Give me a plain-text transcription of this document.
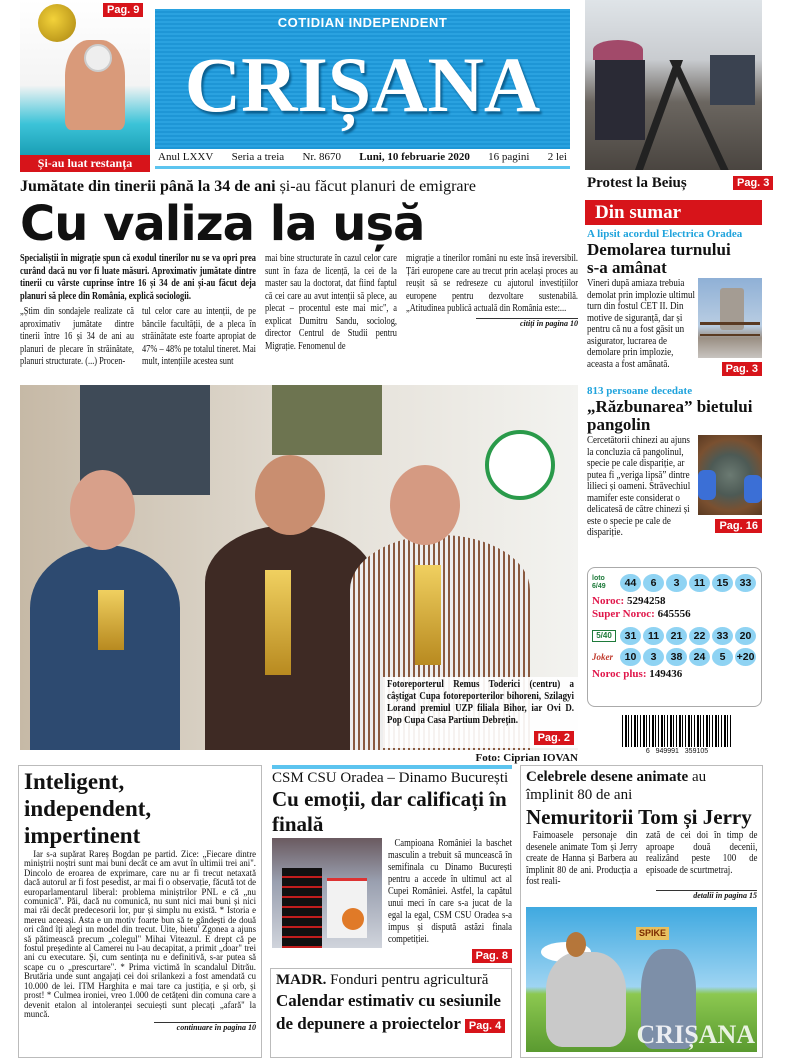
Pag. 9
Și-au luat restanța
COTIDIAN INDEPENDENT
CRIȘANA
Anul LXXV Seria a treia Nr. 8670 Luni, 10 februarie 2020 16 pagini 2 lei
Protest la Beiuș	Pag. 3
Jumătate din tinerii până la 34 de ani și-au făcut planuri de emigrare
Cu valiza la ușă

Specialiștii în migrație spun că exodul tinerilor nu se va opri prea curând dacă nu vor fi luate măsuri. Aproximativ jumătate dintre tinerii cu vârste cuprinse între 16 și 34 de ani și-au făcut deja planuri să plece din România, explică sociologii.

„Știm din sondajele realizate că aproximativ jumătate dintre tinerii între 16 și 34 de ani au planuri de plecare în străinătate, planuri structurate. (...) Procen-

tul celor care au intenții, de pe băncile facultății, de a pleca în străinătate este foarte apropiat de 47% – 48% pe totalul tineret. Mai mult, intențiile acestea sunt

mai bine structurate în cazul celor care sunt în faza de licență, la cei de la master sau la doctorat, dat fiind faptul că cei care au avut intenții să plece, au plecat – procentul este mai mic", a explicat Dumitru Sandu, sociolog, director Centrul de Studii pentru Migrație. Fenomenul de

migrație a tinerilor români nu este însă ireversibil. Țări europene care au trecut prin același proces au reușit să se redreseze cu ajutorul investițiilor europene pentru dezvoltare sustenabilă. „Atitudinea publică actuală din România este:...

citiți în pagina 10

Fotoreporterul Remus Toderici (centru) a câștigat Cupa fotoreporterilor bihoreni, Szilagyi Lorand premiul UZP filiala Bihor, iar Ovi D. Pop Cupa Casa Partium Debrețin.

Pag. 2
Foto: Ciprian IOVAN
Din sumar
A lipsit acordul Electrica Oradea
Demolarea turnului s-a amânat

Vineri după amiaza trebuia demolat prin implozie ultimul turn din fostul CET II. Din motive de siguranță, dar și pentru că nu a fost găsit un asigurator, lucrarea de demolare prin implozie, aceasta a fost amânată.	Pag. 3
813 persoane decedate
„Răzbunarea” bietului pangolin

Cercetătorii chinezi au ajuns la concluzia că pangolinul, specie pe cale dispariție, ar putea fi „veriga lipsă” dintre lilieci și oameni. Străvechiul mamifer este considerat o delicatesă de către chinezi și este o specie pe cale de dispariție.	Pag. 16
loto 6/49	44	6	3	11	15	33
Noroc: 5294258
Super Noroc: 645556
5/40	31	11	21	22	33	20
Joker	10	3	38	24	5	+20
Noroc plus: 149436
6   949991   359105
Inteligent, independent, impertinent

Iar s-a supărat Rareș Bogdan pe partid. Zice: „Fiecare dintre miniștrii noștri sunt mai buni decât ce am avut în ultimii trei ani". Dincolo de eroarea de exprimare, care nu ar fi trecut netaxată dacă autorul ar fi fost pesedist, ar mai fi o observație, făcută tot de europarlamentarul liberal: problema miniștrilor PNL e că „nu comunică". Păi, dacă nu comunică, nu sunt nici mai buni și nici mai răi decât predecesorii lor, pur și simplu nu există. * Istoria e mereu aceeași. Asta e un motiv foarte bun să te gândești de două ori când îți alegi un model din trecut. Uite, bietu' Zgonea a ajuns să pătimească precum „colegul" Mihai Viteazul. E drept că pe fostul președinte al Camerei nu l-au decapitat, a primit „doar" trei ani cu executare. Și, cum sentința nu e definitivă, s-ar putea să scape cu o „prescurtare". * Prima victimă în scandalul Ditrău. Brutăria unde sunt angajați cei doi srilankezi a fost amendată cu 10.000 de lei. ITM Harghita e mai tare ca justiția, e și orb, și prost! * Culmea ironiei, vreo 1.000 de cetățeni din comuna care a devenit etalon al intoleranței secuiești sunt plecați „afară" la muncă.

continuare în pagina 10
CSM CSU Oradea – Dinamo București
Cu emoții, dar calificați în finală

Campioana României la baschet masculin a trebuit să muncească în semifinala cu Dinamo București pentru a accede în ultimul act al Cupei României. Astfel, la capătul unui meci în care s-a jucat de la egal la egal, CSM CSU Oradea s-a impus și dispută astăzi finala competiției.

Pag. 8
MADR. Fonduri pentru agricultură
Calendar estimativ cu sesiunile de depunere a proiectelor Pag. 4
Celebrele desene animate au împlinit 80 de ani
Nemuritorii Tom și Jerry

Faimoasele personaje din desenele animate Tom și Jerry create de Hanna și Barbera au împlinit 80 de ani. Producția a fost reali-

zată de cei doi în timp de aproape două decenii, realizând peste 100 de episoade de scurtmetraj.

detalii în pagina 15
SPIKE
CRIȘANA
